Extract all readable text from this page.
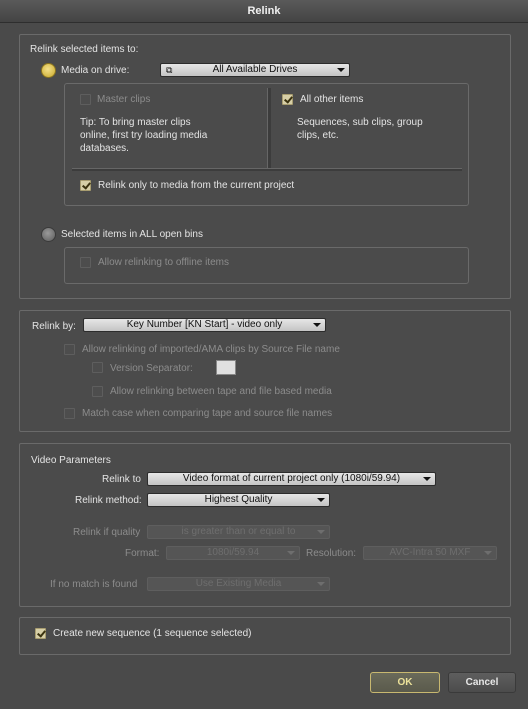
Relink
Relink selected items to:
Media on drive:	⧉	All Available Drives
Master clips
Tip: To bring master clips
online, first try loading media
databases.
All other items
Sequences, sub clips, group
clips, etc.
Relink only to media from the current project
Selected items in ALL open bins
Allow relinking to offline items
Relink by:	Key Number [KN Start] - video only
Allow relinking of imported/AMA clips by Source File name
Version Separator:
Allow relinking between tape and file based media
Match case when comparing tape and source file names
Video Parameters
Relink to	Video format of current project only (1080i/59.94)
Relink method:	Highest Quality
Relink if quality	is greater than or equal to
Format:	1080i/59.94	Resolution:	AVC-Intra 50 MXF
If no match is found	Use Existing Media
Create new sequence (1 sequence selected)
OK	Cancel
